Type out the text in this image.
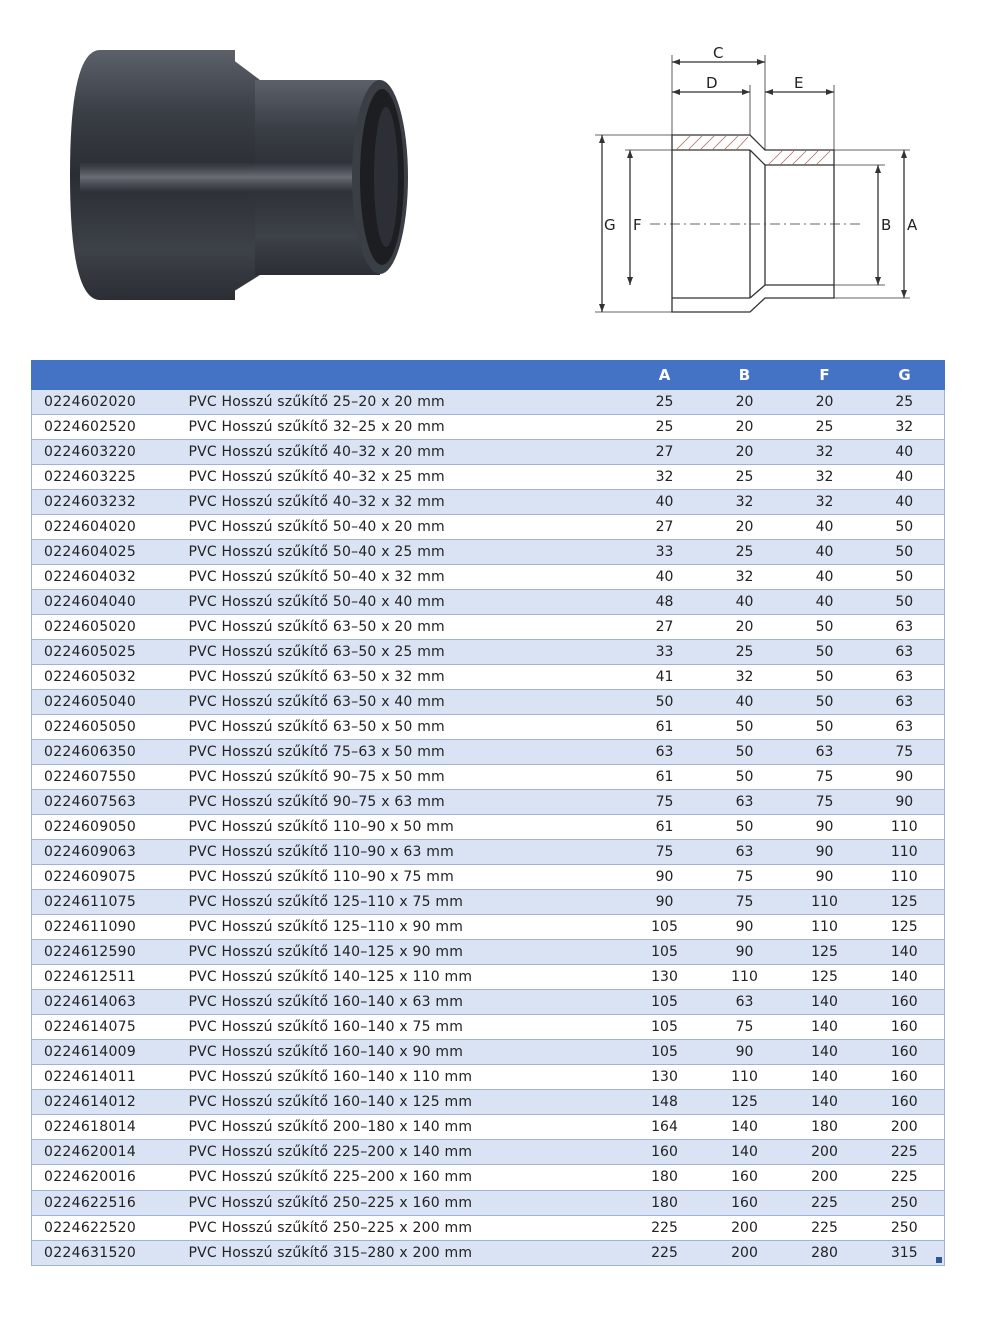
C
D	E
G F	B A
		A	B	F	G
0224602020	PVC Hosszú szűkítő 25–20 x 20 mm	25	20	20	25
0224602520	PVC Hosszú szűkítő 32–25 x 20 mm	25	20	25	32
0224603220	PVC Hosszú szűkítő 40–32 x 20 mm	27	20	32	40
0224603225	PVC Hosszú szűkítő 40–32 x 25 mm	32	25	32	40
0224603232	PVC Hosszú szűkítő 40–32 x 32 mm	40	32	32	40
0224604020	PVC Hosszú szűkítő 50–40 x 20 mm	27	20	40	50
0224604025	PVC Hosszú szűkítő 50–40 x 25 mm	33	25	40	50
0224604032	PVC Hosszú szűkítő 50–40 x 32 mm	40	32	40	50
0224604040	PVC Hosszú szűkítő 50–40 x 40 mm	48	40	40	50
0224605020	PVC Hosszú szűkítő 63–50 x 20 mm	27	20	50	63
0224605025	PVC Hosszú szűkítő 63–50 x 25 mm	33	25	50	63
0224605032	PVC Hosszú szűkítő 63–50 x 32 mm	41	32	50	63
0224605040	PVC Hosszú szűkítő 63–50 x 40 mm	50	40	50	63
0224605050	PVC Hosszú szűkítő 63–50 x 50 mm	61	50	50	63
0224606350	PVC Hosszú szűkítő 75–63 x 50 mm	63	50	63	75
0224607550	PVC Hosszú szűkítő 90–75 x 50 mm	61	50	75	90
0224607563	PVC Hosszú szűkítő 90–75 x 63 mm	75	63	75	90
0224609050	PVC Hosszú szűkítő 110–90 x 50 mm	61	50	90	110
0224609063	PVC Hosszú szűkítő 110–90 x 63 mm	75	63	90	110
0224609075	PVC Hosszú szűkítő 110–90 x 75 mm	90	75	90	110
0224611075	PVC Hosszú szűkítő 125–110 x 75 mm	90	75	110	125
0224611090	PVC Hosszú szűkítő 125–110 x 90 mm	105	90	110	125
0224612590	PVC Hosszú szűkítő 140–125 x 90 mm	105	90	125	140
0224612511	PVC Hosszú szűkítő 140–125 x 110 mm	130	110	125	140
0224614063	PVC Hosszú szűkítő 160–140 x 63 mm	105	63	140	160
0224614075	PVC Hosszú szűkítő 160–140 x 75 mm	105	75	140	160
0224614009	PVC Hosszú szűkítő 160–140 x 90 mm	105	90	140	160
0224614011	PVC Hosszú szűkítő 160–140 x 110 mm	130	110	140	160
0224614012	PVC Hosszú szűkítő 160–140 x 125 mm	148	125	140	160
0224618014	PVC Hosszú szűkítő 200–180 x 140 mm	164	140	180	200
0224620014	PVC Hosszú szűkítő 225–200 x 140 mm	160	140	200	225
0224620016	PVC Hosszú szűkítő 225–200 x 160 mm	180	160	200	225
0224622516	PVC Hosszú szűkítő 250–225 x 160 mm	180	160	225	250
0224622520	PVC Hosszú szűkítő 250–225 x 200 mm	225	200	225	250
0224631520	PVC Hosszú szűkítő 315–280 x 200 mm	225	200	280	315
